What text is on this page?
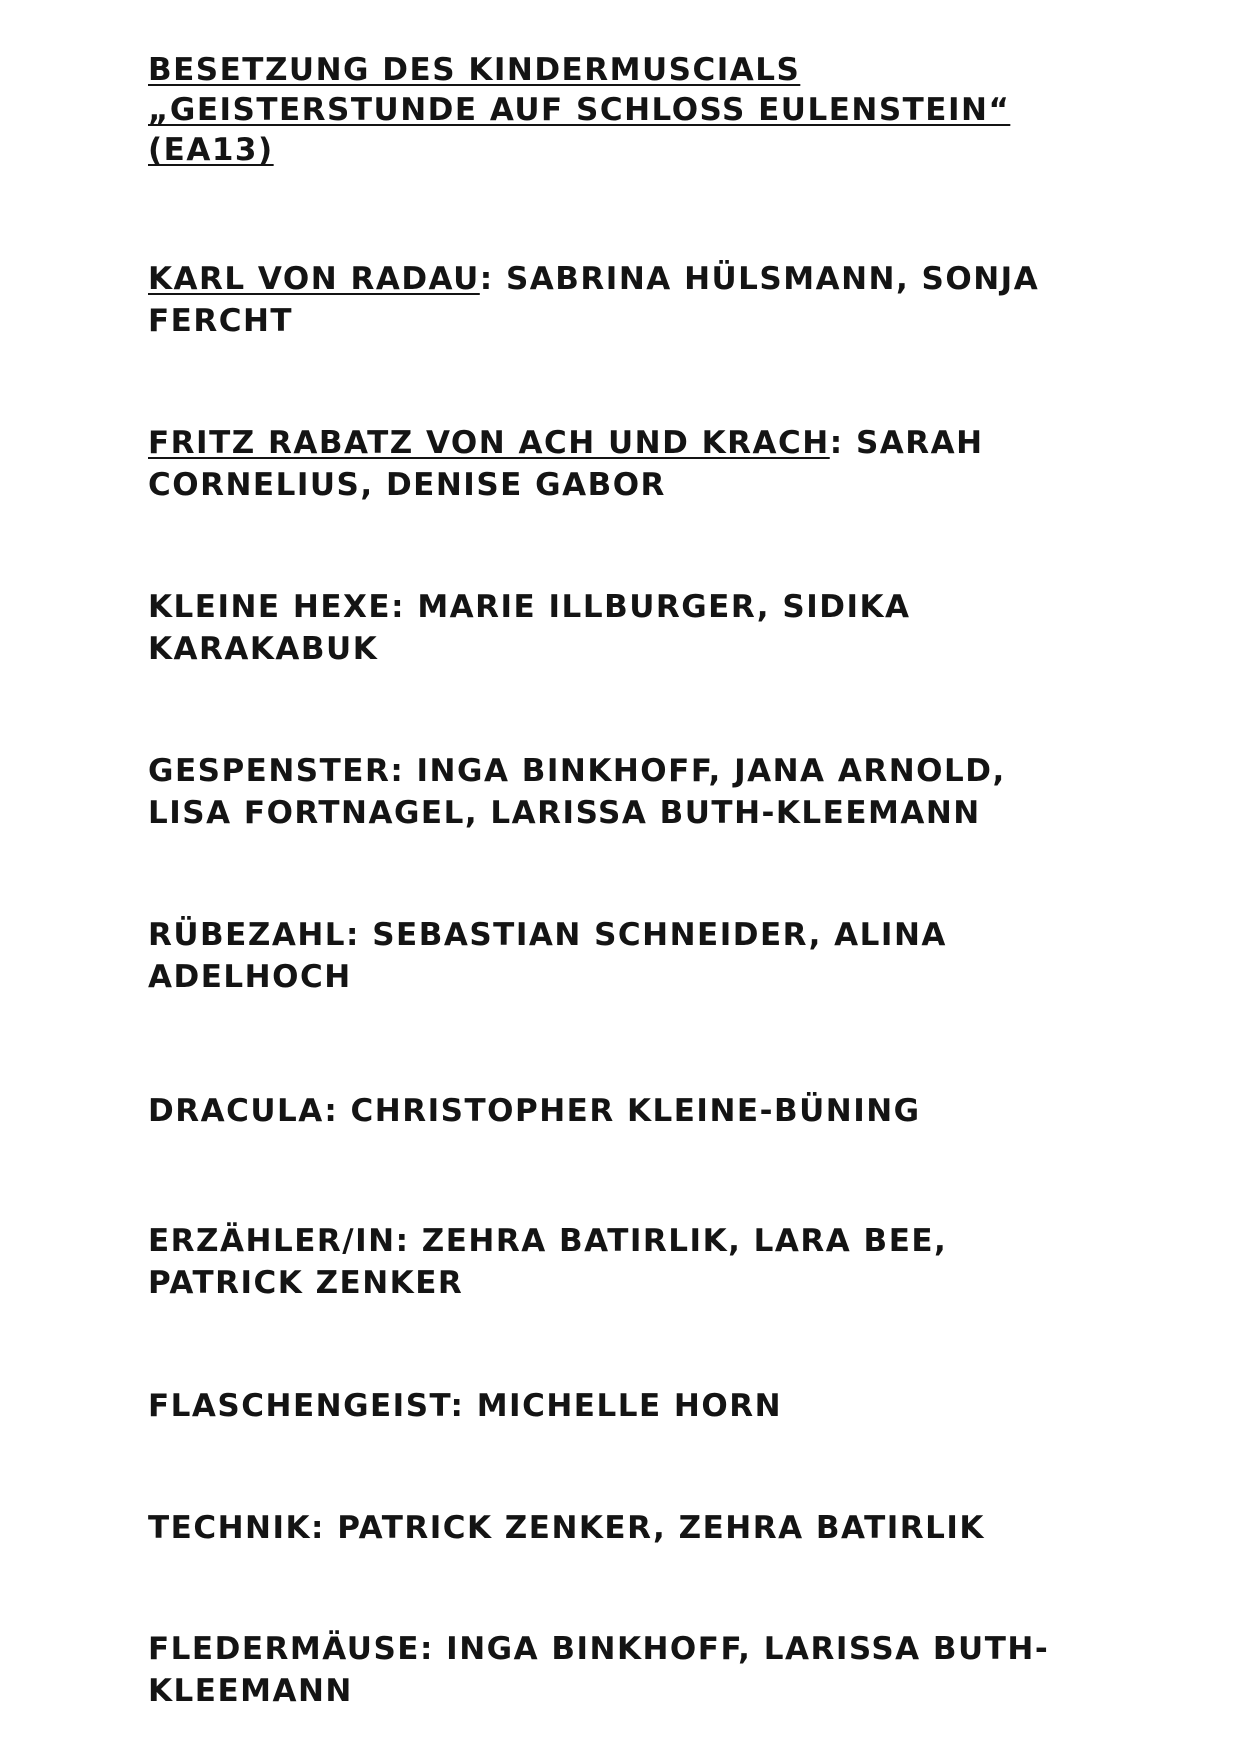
BESETZUNG DES KINDERMUSCIALS
„GEISTERSTUNDE AUF SCHLOSS EULENSTEIN“
(EA13)
KARL VON RADAU: SABRINA HÜLSMANN, SONJA FERCHT
FRITZ RABATZ VON ACH UND KRACH: SARAH CORNELIUS, DENISE GABOR
KLEINE HEXE: MARIE ILLBURGER, SIDIKA KARAKABUK
GESPENSTER: INGA BINKHOFF, JANA ARNOLD, LISA FORTNAGEL, LARISSA BUTH-KLEEMANN
RÜBEZAHL: SEBASTIAN SCHNEIDER, ALINA ADELHOCH
DRACULA: CHRISTOPHER KLEINE-BÜNING
ERZÄHLER/IN: ZEHRA BATIRLIK, LARA BEE, PATRICK ZENKER
FLASCHENGEIST: MICHELLE HORN
TECHNIK: PATRICK ZENKER, ZEHRA BATIRLIK
FLEDERMÄUSE: INGA BINKHOFF, LARISSA BUTH-KLEEMANN
